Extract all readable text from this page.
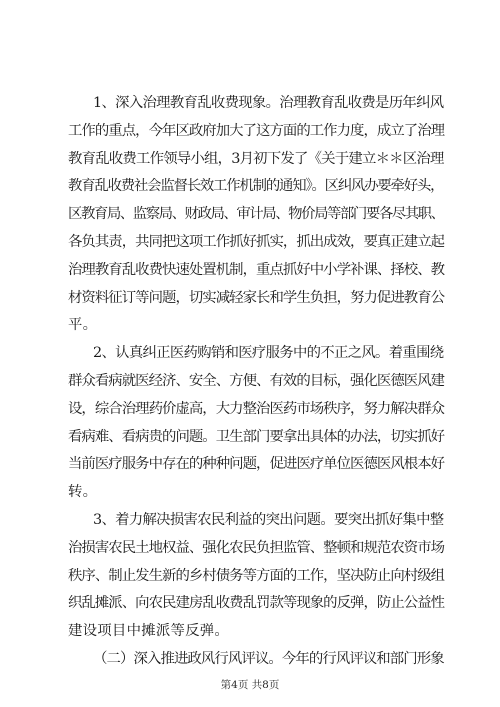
1、深入治理教育乱收费现象。治理教育乱收费是历年纠风
工作的重点，今年区政府加大了这方面的工作力度，成立了治理
教育乱收费工作领导小组，3月初下发了《关于建立＊＊区治理
教育乱收费社会监督长效工作机制的通知》。区纠风办要牵好头，
区教育局、监察局、财政局、审计局、物价局等部门要各尽其职、
各负其责，共同把这项工作抓好抓实，抓出成效，要真正建立起
治理教育乱收费快速处置机制，重点抓好中小学补课、择校、教
材资料征订等问题，切实减轻家长和学生负担，努力促进教育公
平。
2、认真纠正医药购销和医疗服务中的不正之风。着重围绕
群众看病就医经济、安全、方便、有效的目标，强化医德医风建
设，综合治理药价虚高，大力整治医药市场秩序，努力解决群众
看病难、看病贵的问题。卫生部门要拿出具体的办法，切实抓好
当前医疗服务中存在的种种问题，促进医疗单位医德医风根本好
转。
3、着力解决损害农民利益的突出问题。要突出抓好集中整
治损害农民土地权益、强化农民负担监管、整顿和规范农资市场
秩序、制止发生新的乡村债务等方面的工作，坚决防止向村级组
织乱摊派、向农民建房乱收费乱罚款等现象的反弹，防止公益性
建设项目中摊派等反弹。
（二）深入推进政风行风评议。今年的行风评议和部门形象
第4页 共8页
